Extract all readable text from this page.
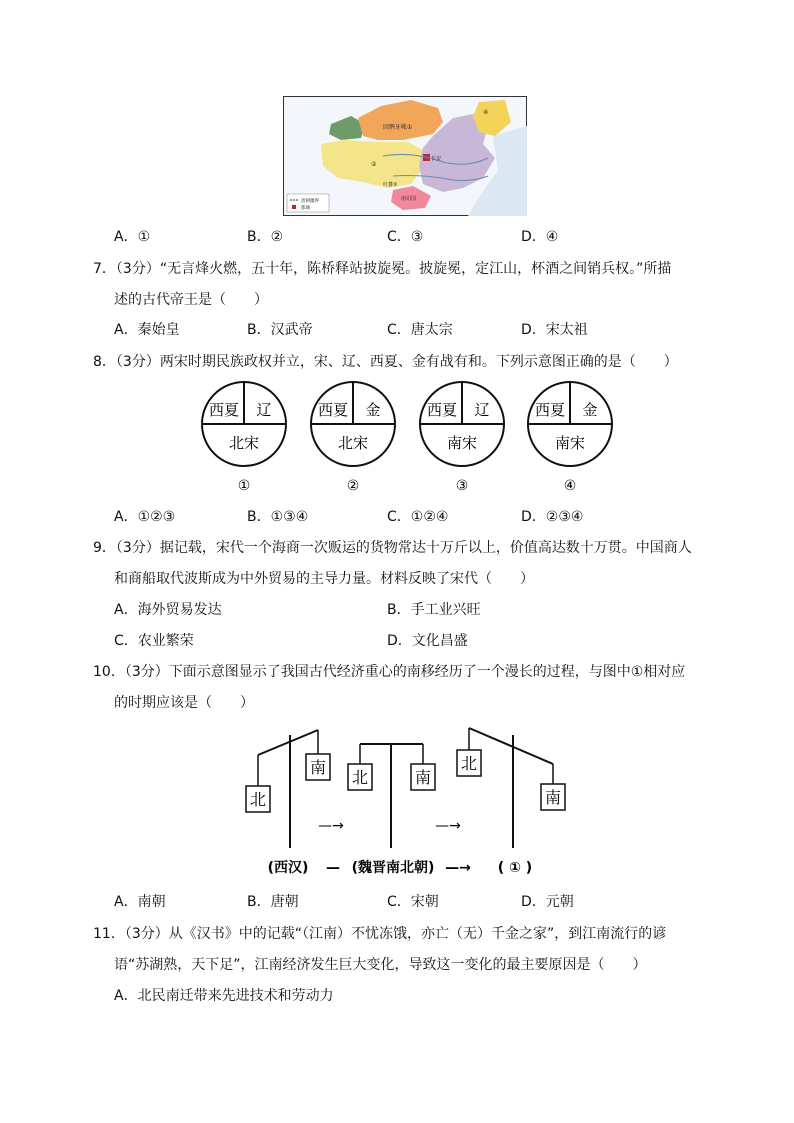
回鹘牙帐①
②
④
吐蕃③
南诏国
长安
唐朝疆界
都城
A．①	B．②	C．③	D．④
7．（3分）“无言烽火燃，五十年，陈桥释站披旋冕。披旋冕，定江山，杯酒之间销兵权。”所描
述的古代帝王是（　　）
A．秦始皇	B．汉武帝	C．唐太宗	D．宋太祖
8．（3分）两宋时期民族政权并立，宋、辽、西夏、金有战有和。下列示意图正确的是（　　）
西夏 辽
北宋
①
西夏 金
北宋
②
西夏 辽
南宋
③
西夏 金
南宋
④
A．①②③	B．①③④	C．①②④	D．②③④
9．（3分）据记载，宋代一个海商一次贩运的货物常达十万斤以上，价值高达数十万贯。中国商人
和商船取代波斯成为中外贸易的主导力量。材料反映了宋代（　　）
A．海外贸易发达	B．手工业兴旺
C．农业繁荣	D．文化昌盛
10．（3分）下面示意图显示了我国古代经济重心的南移经历了一个漫长的过程，与图中①相对应
的时期应该是（　　）
北
南
—→
北	南
—→
北
南
(西汉) — (魏晋南北朝) —→ ( ① )
A．南朝	B．唐朝	C．宋朝	D．元朝
11．（3分）从《汉书》中的记载“（江南）不忧冻饿，亦亡（无）千金之家”，到江南流行的谚
语“苏湖熟，天下足”，江南经济发生巨大变化，导致这一变化的最主要原因是（　　）
A．北民南迁带来先进技术和劳动力
